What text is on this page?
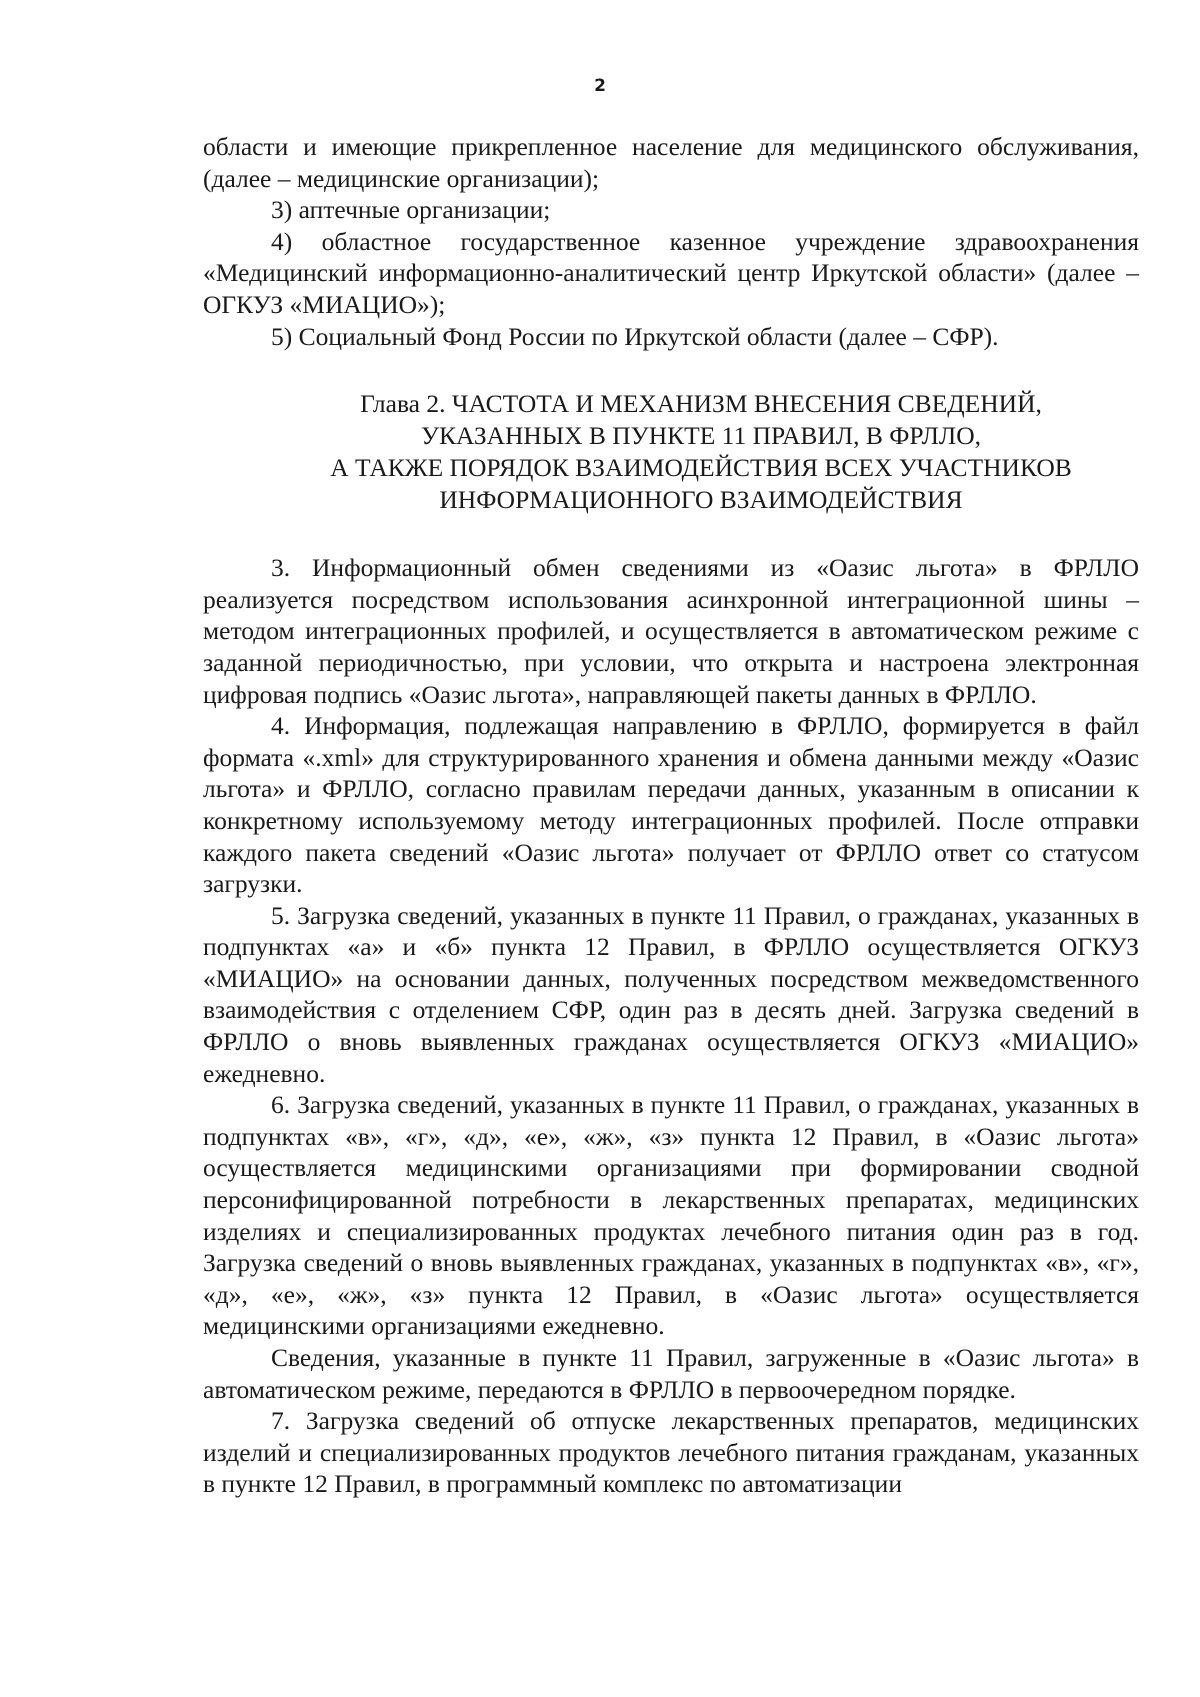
2

области и имеющие прикрепленное население для медицинского обслуживания, (далее – медицинские организации);

3) аптечные организации;

4) областное государственное казенное учреждение здравоохранения «Медицинский информационно-аналитический центр Иркутской области» (далее – ОГКУЗ «МИАЦИО»);

5) Социальный Фонд России по Иркутской области (далее – СФР).

Глава 2. ЧАСТОТА И МЕХАНИЗМ ВНЕСЕНИЯ СВЕДЕНИЙ,
УКАЗАННЫХ В ПУНКТЕ 11 ПРАВИЛ, В ФРЛЛО,
А ТАКЖЕ ПОРЯДОК ВЗАИМОДЕЙСТВИЯ ВСЕХ УЧАСТНИКОВ
ИНФОРМАЦИОННОГО ВЗАИМОДЕЙСТВИЯ

3. Информационный обмен сведениями из «Оазис льгота» в ФРЛЛО реализуется посредством использования асинхронной интеграционной шины – методом интеграционных профилей, и осуществляется в автоматическом режиме с заданной периодичностью, при условии, что открыта и настроена электронная цифровая подпись «Оазис льгота», направляющей пакеты данных в ФРЛЛО.

4. Информация, подлежащая направлению в ФРЛЛО, формируется в файл формата «.xml» для структурированного хранения и обмена данными между «Оазис льгота» и ФРЛЛО, согласно правилам передачи данных, указанным в описании к конкретному используемому методу интеграционных профилей. После отправки каждого пакета сведений «Оазис льгота» получает от ФРЛЛО ответ со статусом загрузки.

5. Загрузка сведений, указанных в пункте 11 Правил, о гражданах, указанных в подпунктах «а» и «б» пункта 12 Правил, в ФРЛЛО осуществляется ОГКУЗ «МИАЦИО» на основании данных, полученных посредством межведомственного взаимодействия с отделением СФР, один раз в десять дней. Загрузка сведений в ФРЛЛО о вновь выявленных гражданах осуществляется ОГКУЗ «МИАЦИО» ежедневно.

6. Загрузка сведений, указанных в пункте 11 Правил, о гражданах, указанных в подпунктах «в», «г», «д», «е», «ж», «з» пункта 12 Правил, в «Оазис льгота» осуществляется медицинскими организациями при формировании сводной персонифицированной потребности в лекарственных препаратах, медицинских изделиях и специализированных продуктах лечебного питания один раз в год. Загрузка сведений о вновь выявленных гражданах, указанных в подпунктах «в», «г», «д», «е», «ж», «з» пункта 12 Правил, в «Оазис льгота» осуществляется медицинскими организациями ежедневно.

Сведения, указанные в пункте 11 Правил, загруженные в «Оазис льгота» в автоматическом режиме, передаются в ФРЛЛО в первоочередном порядке.

7. Загрузка сведений об отпуске лекарственных препаратов, медицинских изделий и специализированных продуктов лечебного питания гражданам, указанных в пункте 12 Правил, в программный комплекс по автоматизации
